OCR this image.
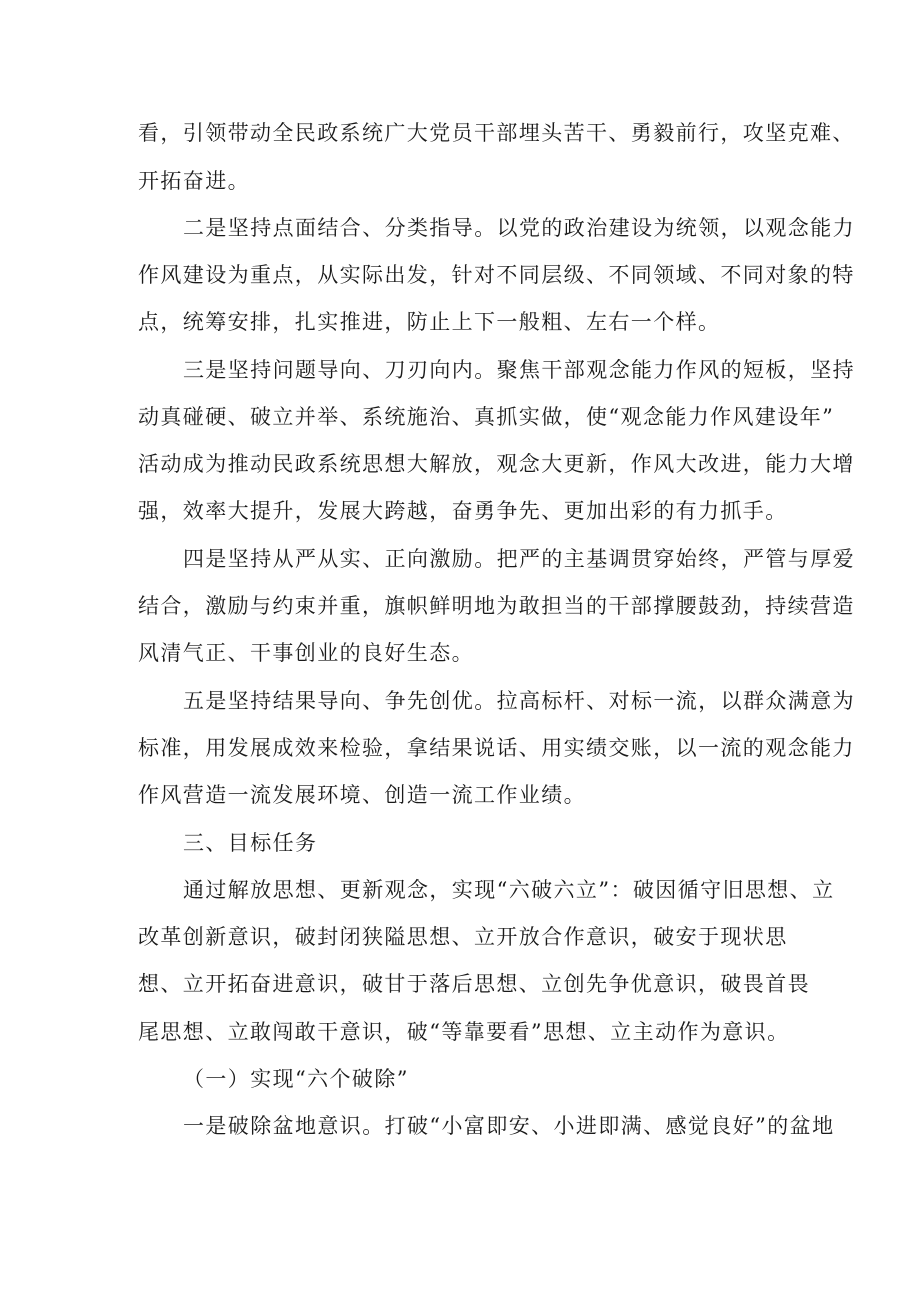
看，引领带动全民政系统广大党员干部埋头苦干、勇毅前行，攻坚克难、
开拓奋进。
二是坚持点面结合、分类指导。以党的政治建设为统领，以观念能力
作风建设为重点，从实际出发，针对不同层级、不同领域、不同对象的特
点，统筹安排，扎实推进，防止上下一般粗、左右一个样。
三是坚持问题导向、刀刃向内。聚焦干部观念能力作风的短板，坚持
动真碰硬、破立并举、系统施治、真抓实做，使“观念能力作风建设年”
活动成为推动民政系统思想大解放，观念大更新，作风大改进，能力大增
强，效率大提升，发展大跨越，奋勇争先、更加出彩的有力抓手。
四是坚持从严从实、正向激励。把严的主基调贯穿始终，严管与厚爱
结合，激励与约束并重，旗帜鲜明地为敢担当的干部撑腰鼓劲，持续营造
风清气正、干事创业的良好生态。
五是坚持结果导向、争先创优。拉高标杆、对标一流，以群众满意为
标准，用发展成效来检验，拿结果说话、用实绩交账，以一流的观念能力
作风营造一流发展环境、创造一流工作业绩。
三、目标任务
通过解放思想、更新观念，实现“六破六立”：破因循守旧思想、立
改革创新意识，破封闭狭隘思想、立开放合作意识，破安于现状思
想、立开拓奋进意识，破甘于落后思想、立创先争优意识，破畏首畏
尾思想、立敢闯敢干意识，破“等靠要看”思想、立主动作为意识。
（一）实现“六个破除”
一是破除盆地意识。打破“小富即安、小进即满、感觉良好”的盆地
